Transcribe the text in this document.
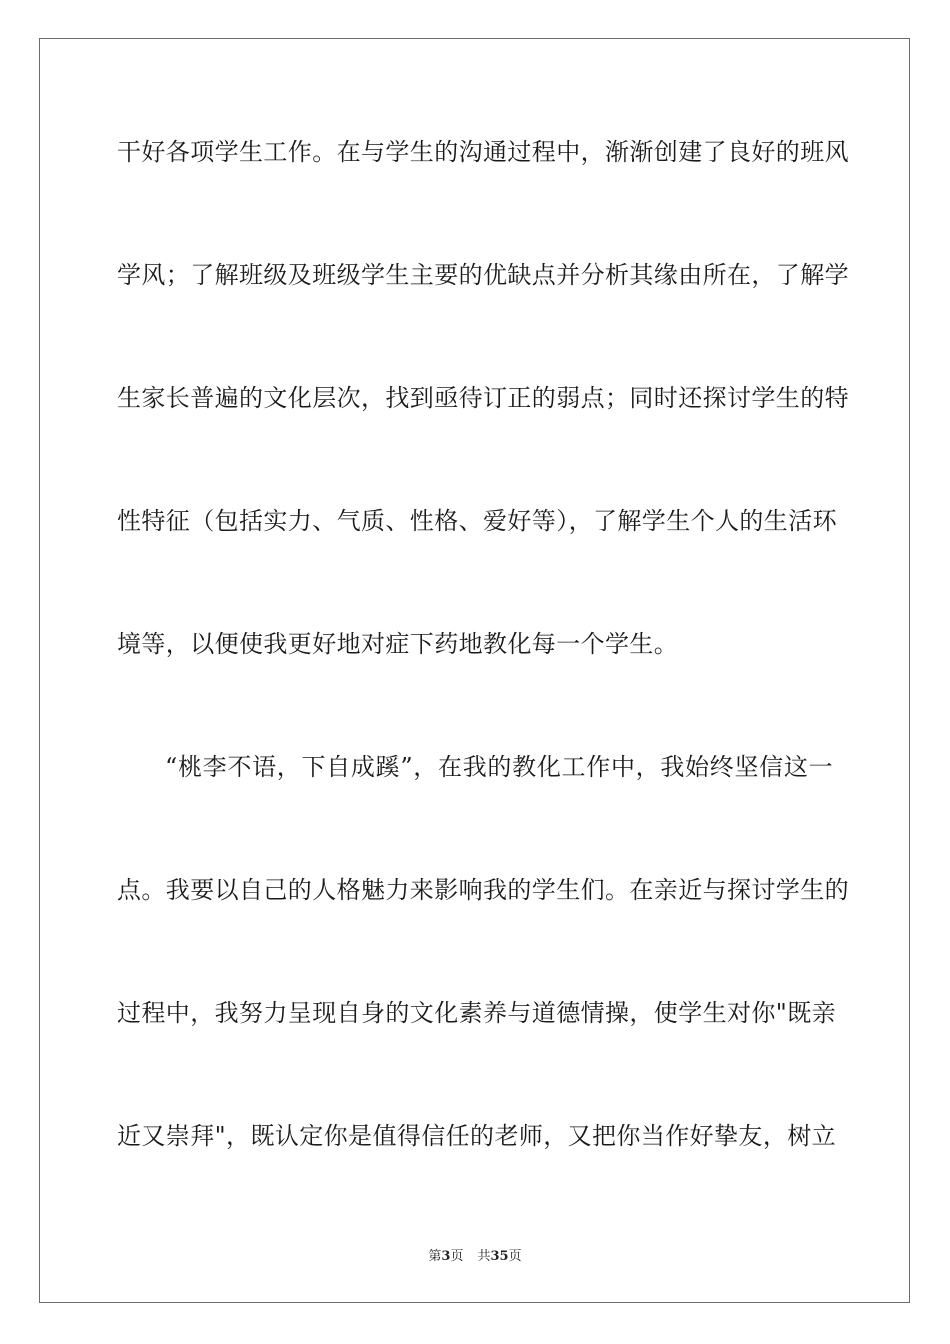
干好各项学生工作。在与学生的沟通过程中，渐渐创建了良好的班风

学风；了解班级及班级学生主要的优缺点并分析其缘由所在，了解学

生家长普遍的文化层次，找到亟待订正的弱点；同时还探讨学生的特

性特征（包括实力、气质、性格、爱好等），了解学生个人的生活环

境等，以便使我更好地对症下药地教化每一个学生。

“桃李不语，下自成蹊”，在我的教化工作中，我始终坚信这一

点。我要以自己的人格魅力来影响我的学生们。在亲近与探讨学生的

过程中，我努力呈现自身的文化素养与道德情操，使学生对你"既亲

近又崇拜"，既认定你是值得信任的老师，又把你当作好挚友，树立

第3页 共35页
